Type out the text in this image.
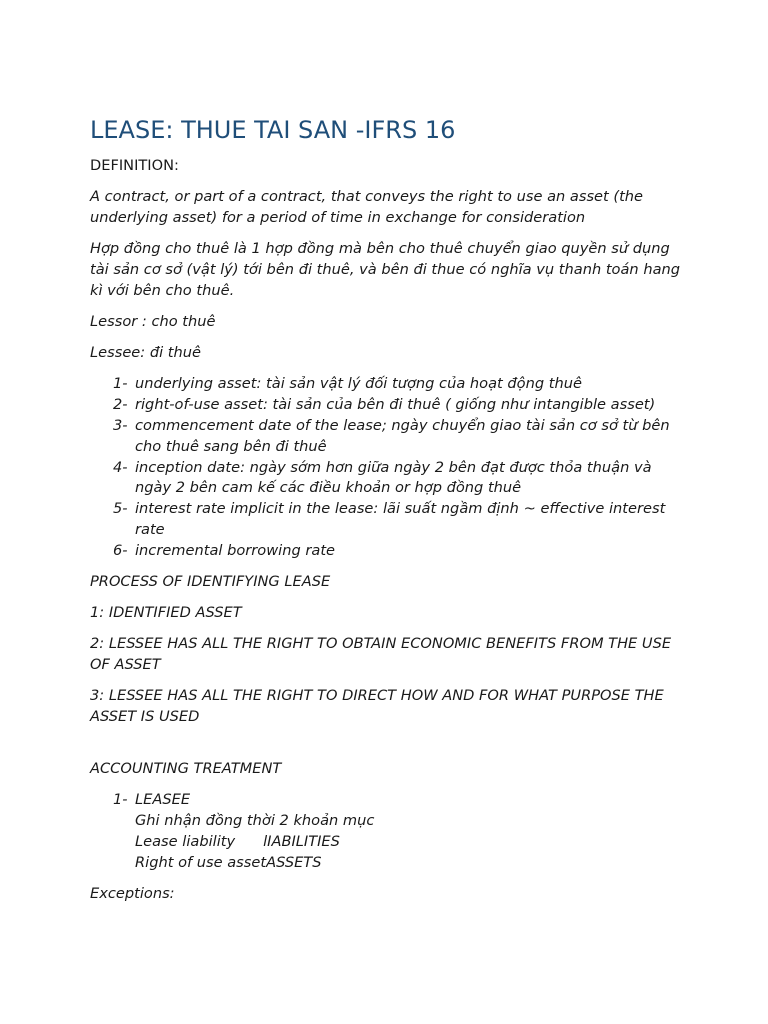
LEASE: THUE TAI SAN -IFRS 16

DEFINITION:

A contract, or part of a contract, that conveys the right to use an asset (the underlying asset) for a period of time in exchange for consideration

Hợp đồng cho thuê là 1 hợp đồng mà bên cho thuê chuyển giao quyền sử dụng tài sản cơ sở (vật lý) tới bên đi thuê, và bên đi thue có nghĩa vụ thanh toán hang kì với bên cho thuê.

Lessor : cho thuê

Lessee: đi thuê

1- underlying asset: tài sản vật lý đối tượng của hoạt động thuê
2- right-of-use asset: tài sản của bên đi thuê ( giống như intangible asset)
3- commencement date of the lease; ngày chuyển giao tài sản cơ sở từ bên cho thuê sang bên đi thuê
4- inception date: ngày sớm hơn giữa ngày 2 bên đạt được thỏa thuận và ngày 2 bên cam kế các điều khoản or hợp đồng thuê
5- interest rate implicit in the lease: lãi suất ngầm định ~ effective interest rate
6- incremental borrowing rate

PROCESS OF IDENTIFYING LEASE

1: IDENTIFIED ASSET

2: LESSEE HAS ALL THE RIGHT TO OBTAIN ECONOMIC BENEFITS FROM THE USE OF ASSET

3: LESSEE HAS ALL THE RIGHT TO DIRECT HOW AND FOR WHAT PURPOSE THE ASSET IS USED

ACCOUNTING TREATMENT

1- LEASEE
Ghi nhận đồng thời 2 khoản mục
Lease liability lIABILITIES
Right of use assetASSETS

Exceptions:
